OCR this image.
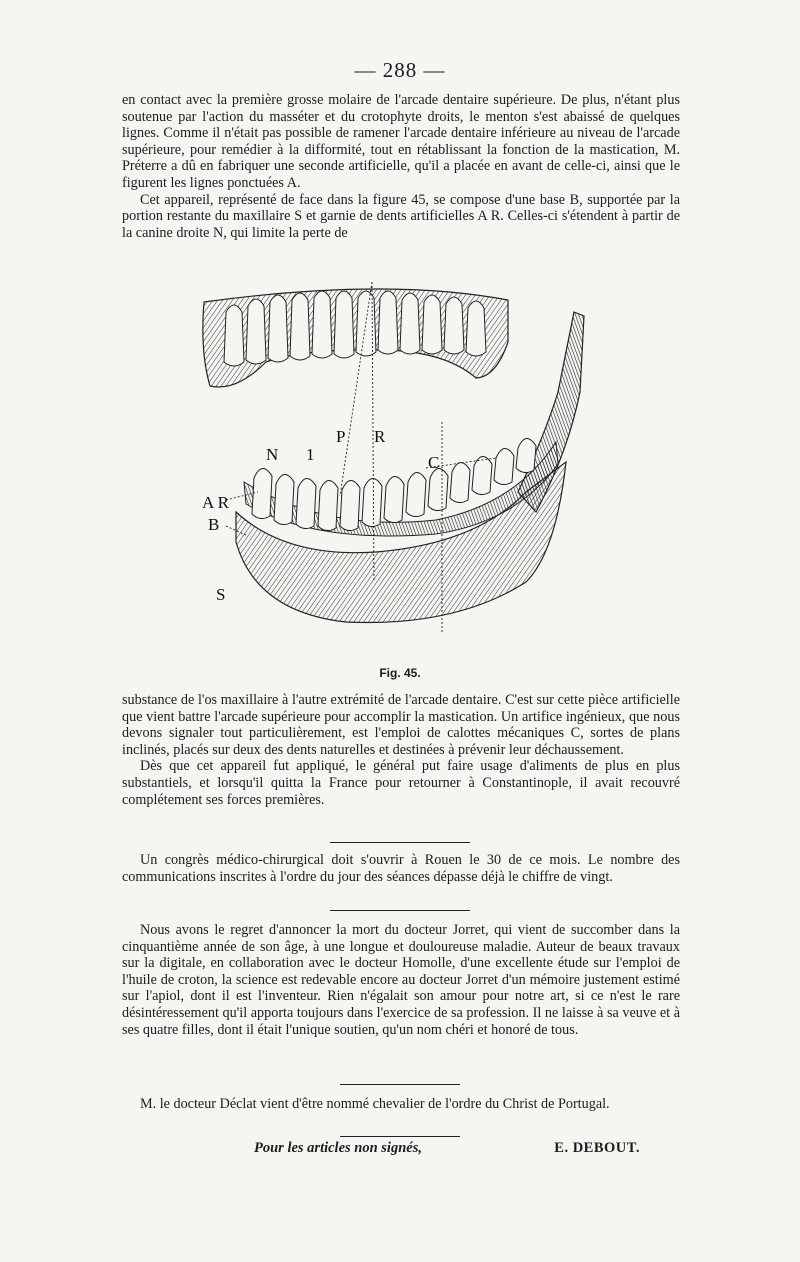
— 288 —

en contact avec la première grosse molaire de l'arcade dentaire supérieure. De plus, n'étant plus soutenue par l'action du masséter et du crotophyte droits, le menton s'est abaissé de quelques lignes. Comme il n'était pas possible de ramener l'arcade dentaire inférieure au niveau de l'arcade supérieure, pour remédier à la difformité, tout en rétablissant la fonction de la mastication, M. Préterre a dû en fabriquer une seconde artificielle, qu'il a placée en avant de celle-ci, ainsi que le figurent les lignes ponctuées A.

Cet appareil, représenté de face dans la figure 45, se compose d'une base B, supportée par la portion restante du maxillaire S et garnie de dents artificielles A R. Celles-ci s'étendent à partir de la canine droite N, qui limite la perte de

N 1
P R
C
A R
B
S
Fig. 45.

substance de l'os maxillaire à l'autre extrémité de l'arcade dentaire. C'est sur cette pièce artificielle que vient battre l'arcade supérieure pour accomplir la mastication. Un artifice ingénieux, que nous devons signaler tout particulièrement, est l'emploi de calottes mécaniques C, sortes de plans inclinés, placés sur deux des dents naturelles et destinées à prévenir leur déchaussement.

Dès que cet appareil fut appliqué, le général put faire usage d'aliments de plus en plus substantiels, et lorsqu'il quitta la France pour retourner à Constantinople, il avait recouvré complétement ses forces premières.

Un congrès médico-chirurgical doit s'ouvrir à Rouen le 30 de ce mois. Le nombre des communications inscrites à l'ordre du jour des séances dépasse déjà le chiffre de vingt.

Nous avons le regret d'annoncer la mort du docteur Jorret, qui vient de succomber dans la cinquantième année de son âge, à une longue et douloureuse maladie. Auteur de beaux travaux sur la digitale, en collaboration avec le docteur Homolle, d'une excellente étude sur l'emploi de l'huile de croton, la science est redevable encore au docteur Jorret d'un mémoire justement estimé sur l'apiol, dont il est l'inventeur. Rien n'égalait son amour pour notre art, si ce n'est le rare désintéressement qu'il apporta toujours dans l'exercice de sa profession. Il ne laisse à sa veuve et à ses quatre filles, dont il était l'unique soutien, qu'un nom chéri et honoré de tous.

M. le docteur Déclat vient d'être nommé chevalier de l'ordre du Christ de Portugal.

Pour les articles non signés,	E. DEBOUT.
